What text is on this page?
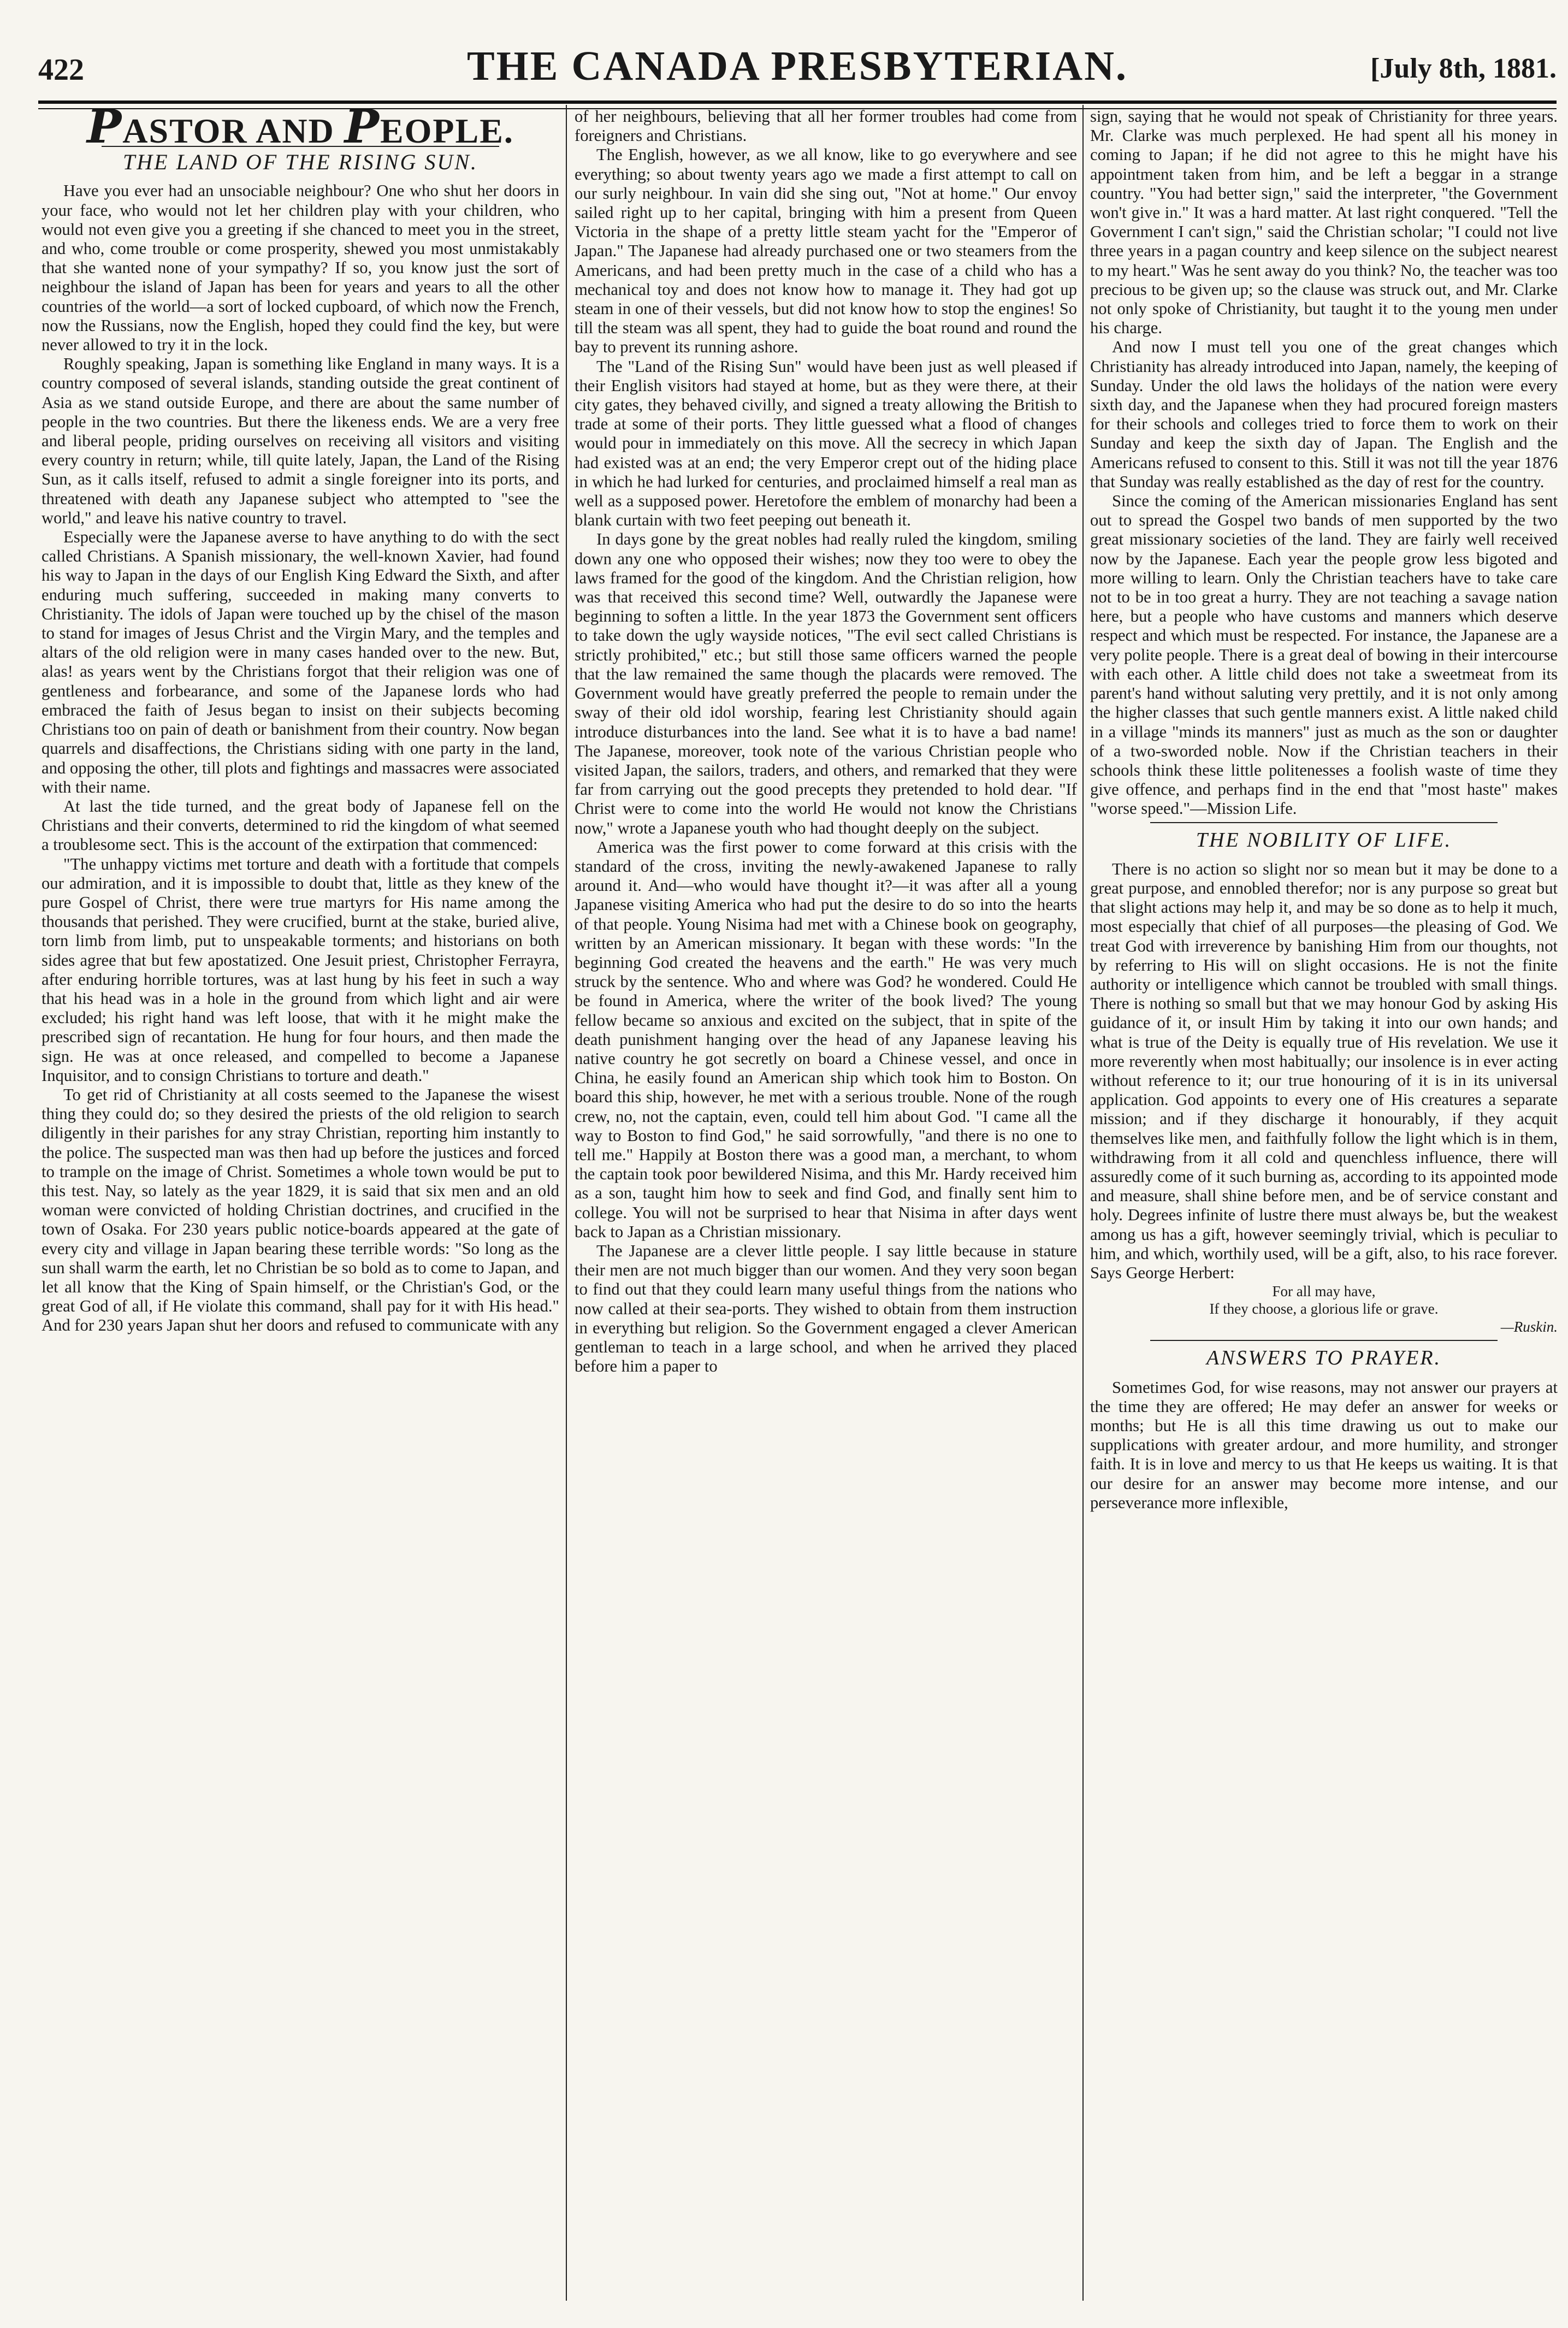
422	THE CANADA PRESBYTERIAN.	[July 8th, 1881.
PASTOR AND PEOPLE.
THE LAND OF THE RISING SUN.

Have you ever had an unsociable neighbour? One who shut her doors in your face, who would not let her children play with your children, who would not even give you a greeting if she chanced to meet you in the street, and who, come trouble or come prosperity, shewed you most unmistakably that she wanted none of your sympathy? If so, you know just the sort of neighbour the island of Japan has been for years and years to all the other countries of the world—a sort of locked cupboard, of which now the French, now the Russians, now the English, hoped they could find the key, but were never allowed to try it in the lock.

Roughly speaking, Japan is something like England in many ways. It is a country composed of several islands, standing outside the great continent of Asia as we stand outside Europe, and there are about the same number of people in the two countries. But there the likeness ends. We are a very free and liberal people, priding ourselves on receiving all visitors and visiting every country in return; while, till quite lately, Japan, the Land of the Rising Sun, as it calls itself, refused to admit a single foreigner into its ports, and threatened with death any Japanese subject who attempted to "see the world," and leave his native country to travel.

Especially were the Japanese averse to have anything to do with the sect called Christians. A Spanish missionary, the well-known Xavier, had found his way to Japan in the days of our English King Edward the Sixth, and after enduring much suffering, succeeded in making many converts to Christianity. The idols of Japan were touched up by the chisel of the mason to stand for images of Jesus Christ and the Virgin Mary, and the temples and altars of the old religion were in many cases handed over to the new. But, alas! as years went by the Christians forgot that their religion was one of gentleness and forbearance, and some of the Japanese lords who had embraced the faith of Jesus began to insist on their subjects becoming Christians too on pain of death or banishment from their country. Now began quarrels and disaffections, the Christians siding with one party in the land, and opposing the other, till plots and fightings and massacres were associated with their name.

At last the tide turned, and the great body of Japanese fell on the Christians and their converts, determined to rid the kingdom of what seemed a troublesome sect. This is the account of the extirpation that commenced:

"The unhappy victims met torture and death with a fortitude that compels our admiration, and it is impossible to doubt that, little as they knew of the pure Gospel of Christ, there were true martyrs for His name among the thousands that perished. They were crucified, burnt at the stake, buried alive, torn limb from limb, put to unspeakable torments; and historians on both sides agree that but few apostatized. One Jesuit priest, Christopher Ferrayra, after enduring horrible tortures, was at last hung by his feet in such a way that his head was in a hole in the ground from which light and air were excluded; his right hand was left loose, that with it he might make the prescribed sign of recantation. He hung for four hours, and then made the sign. He was at once released, and compelled to become a Japanese Inquisitor, and to consign Christians to torture and death."

To get rid of Christianity at all costs seemed to the Japanese the wisest thing they could do; so they desired the priests of the old religion to search diligently in their parishes for any stray Christian, reporting him instantly to the police. The suspected man was then had up before the justices and forced to trample on the image of Christ. Sometimes a whole town would be put to this test. Nay, so lately as the year 1829, it is said that six men and an old woman were convicted of holding Christian doctrines, and crucified in the town of Osaka. For 230 years public notice-boards appeared at the gate of every city and village in Japan bearing these terrible words: "So long as the sun shall warm the earth, let no Christian be so bold as to come to Japan, and let all know that the King of Spain himself, or the Christian's God, or the great God of all, if He violate this command, shall pay for it with His head." And for 230 years Japan shut her doors and refused to communicate with any

of her neighbours, believing that all her former troubles had come from foreigners and Christians.

The English, however, as we all know, like to go everywhere and see everything; so about twenty years ago we made a first attempt to call on our surly neighbour. In vain did she sing out, "Not at home." Our envoy sailed right up to her capital, bringing with him a present from Queen Victoria in the shape of a pretty little steam yacht for the "Emperor of Japan." The Japanese had already purchased one or two steamers from the Americans, and had been pretty much in the case of a child who has a mechanical toy and does not know how to manage it. They had got up steam in one of their vessels, but did not know how to stop the engines! So till the steam was all spent, they had to guide the boat round and round the bay to prevent its running ashore.

The "Land of the Rising Sun" would have been just as well pleased if their English visitors had stayed at home, but as they were there, at their city gates, they behaved civilly, and signed a treaty allowing the British to trade at some of their ports. They little guessed what a flood of changes would pour in immediately on this move. All the secrecy in which Japan had existed was at an end; the very Emperor crept out of the hiding place in which he had lurked for centuries, and proclaimed himself a real man as well as a supposed power. Heretofore the emblem of monarchy had been a blank curtain with two feet peeping out beneath it.

In days gone by the great nobles had really ruled the kingdom, smiling down any one who opposed their wishes; now they too were to obey the laws framed for the good of the kingdom. And the Christian religion, how was that received this second time? Well, outwardly the Japanese were beginning to soften a little. In the year 1873 the Government sent officers to take down the ugly wayside notices, "The evil sect called Christians is strictly prohibited," etc.; but still those same officers warned the people that the law remained the same though the placards were removed. The Government would have greatly preferred the people to remain under the sway of their old idol worship, fearing lest Christianity should again introduce disturbances into the land. See what it is to have a bad name! The Japanese, moreover, took note of the various Christian people who visited Japan, the sailors, traders, and others, and remarked that they were far from carrying out the good precepts they pretended to hold dear. "If Christ were to come into the world He would not know the Christians now," wrote a Japanese youth who had thought deeply on the subject.

America was the first power to come forward at this crisis with the standard of the cross, inviting the newly-awakened Japanese to rally around it. And—who would have thought it?—it was after all a young Japanese visiting America who had put the desire to do so into the hearts of that people. Young Nisima had met with a Chinese book on geography, written by an American missionary. It began with these words: "In the beginning God created the heavens and the earth." He was very much struck by the sentence. Who and where was God? he wondered. Could He be found in America, where the writer of the book lived? The young fellow became so anxious and excited on the subject, that in spite of the death punishment hanging over the head of any Japanese leaving his native country he got secretly on board a Chinese vessel, and once in China, he easily found an American ship which took him to Boston. On board this ship, however, he met with a serious trouble. None of the rough crew, no, not the captain, even, could tell him about God. "I came all the way to Boston to find God," he said sorrowfully, "and there is no one to tell me." Happily at Boston there was a good man, a merchant, to whom the captain took poor bewildered Nisima, and this Mr. Hardy received him as a son, taught him how to seek and find God, and finally sent him to college. You will not be surprised to hear that Nisima in after days went back to Japan as a Christian missionary.

The Japanese are a clever little people. I say little because in stature their men are not much bigger than our women. And they very soon began to find out that they could learn many useful things from the nations who now called at their sea-ports. They wished to obtain from them instruction in everything but religion. So the Government engaged a clever American gentleman to teach in a large school, and when he arrived they placed before him a paper to

sign, saying that he would not speak of Christianity for three years. Mr. Clarke was much perplexed. He had spent all his money in coming to Japan; if he did not agree to this he might have his appointment taken from him, and be left a beggar in a strange country. "You had better sign," said the interpreter, "the Government won't give in." It was a hard matter. At last right conquered. "Tell the Government I can't sign," said the Christian scholar; "I could not live three years in a pagan country and keep silence on the subject nearest to my heart." Was he sent away do you think? No, the teacher was too precious to be given up; so the clause was struck out, and Mr. Clarke not only spoke of Christianity, but taught it to the young men under his charge.

And now I must tell you one of the great changes which Christianity has already introduced into Japan, namely, the keeping of Sunday. Under the old laws the holidays of the nation were every sixth day, and the Japanese when they had procured foreign masters for their schools and colleges tried to force them to work on their Sunday and keep the sixth day of Japan. The English and the Americans refused to consent to this. Still it was not till the year 1876 that Sunday was really established as the day of rest for the country.

Since the coming of the American missionaries England has sent out to spread the Gospel two bands of men supported by the two great missionary societies of the land. They are fairly well received now by the Japanese. Each year the people grow less bigoted and more willing to learn. Only the Christian teachers have to take care not to be in too great a hurry. They are not teaching a savage nation here, but a people who have customs and manners which deserve respect and which must be respected. For instance, the Japanese are a very polite people. There is a great deal of bowing in their intercourse with each other. A little child does not take a sweetmeat from its parent's hand without saluting very prettily, and it is not only among the higher classes that such gentle manners exist. A little naked child in a village "minds its manners" just as much as the son or daughter of a two-sworded noble. Now if the Christian teachers in their schools think these little politenesses a foolish waste of time they give offence, and perhaps find in the end that "most haste" makes "worse speed."—Mission Life.

THE NOBILITY OF LIFE.

There is no action so slight nor so mean but it may be done to a great purpose, and ennobled therefor; nor is any purpose so great but that slight actions may help it, and may be so done as to help it much, most especially that chief of all purposes—the pleasing of God. We treat God with irreverence by banishing Him from our thoughts, not by referring to His will on slight occasions. He is not the finite authority or intelligence which cannot be troubled with small things. There is nothing so small but that we may honour God by asking His guidance of it, or insult Him by taking it into our own hands; and what is true of the Deity is equally true of His revelation. We use it more reverently when most habitually; our insolence is in ever acting without reference to it; our true honouring of it is in its universal application. God appoints to every one of His creatures a separate mission; and if they discharge it honourably, if they acquit themselves like men, and faithfully follow the light which is in them, withdrawing from it all cold and quenchless influence, there will assuredly come of it such burning as, according to its appointed mode and measure, shall shine before men, and be of service constant and holy. Degrees infinite of lustre there must always be, but the weakest among us has a gift, however seemingly trivial, which is peculiar to him, and which, worthily used, will be a gift, also, to his race forever. Says George Herbert:

For all may have,

If they choose, a glorious life or grave.

—Ruskin.

ANSWERS TO PRAYER.

Sometimes God, for wise reasons, may not answer our prayers at the time they are offered; He may defer an answer for weeks or months; but He is all this time drawing us out to make our supplications with greater ardour, and more humility, and stronger faith. It is in love and mercy to us that He keeps us waiting. It is that our desire for an answer may become more intense, and our perseverance more inflexible,
